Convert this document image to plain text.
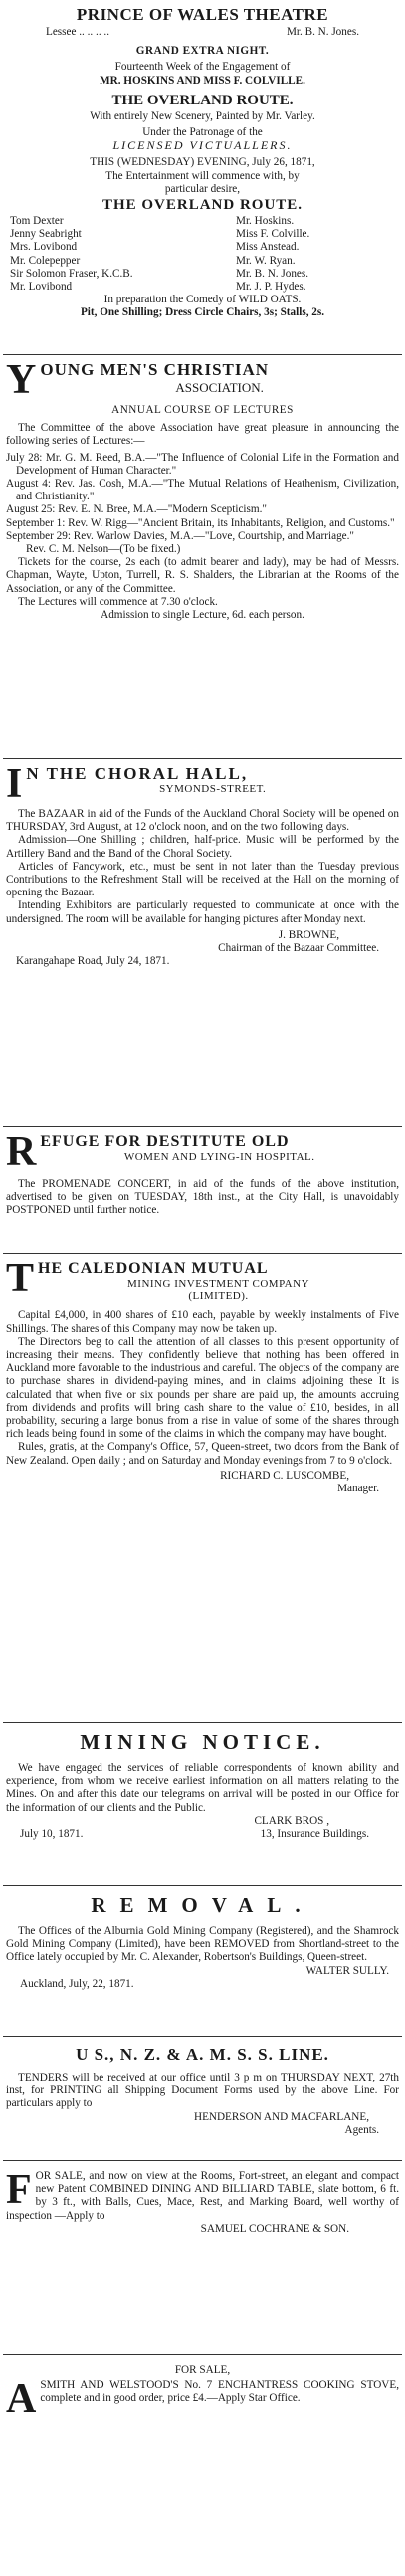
PRINCE OF WALES THEATRE
Lessee .. .. .. ..	Mr. B. N. Jones.
GRAND EXTRA NIGHT.
Fourteenth Week of the Engagement of
MR. HOSKINS AND MISS F. COLVILLE.
THE OVERLAND ROUTE.
With entirely New Scenery, Painted by Mr. Varley.
Under the Patronage of the
LICENSED VICTUALLERS.
THIS (WEDNESDAY) EVENING, July 26, 1871,
The Entertainment will commence with, by
particular desire,
THE OVERLAND ROUTE.
Tom Dexter	Mr. Hoskins.
Jenny Seabright	Miss F. Colville.
Mrs. Lovibond	Miss Anstead.
Mr. Colepepper	Mr. W. Ryan.
Sir Solomon Fraser, K.C.B.	Mr. B. N. Jones.
Mr. Lovibond	Mr. J. P. Hydes.
In preparation the Comedy of WILD OATS.
Pit, One Shilling; Dress Circle Chairs, 3s; Stalls, 2s.
Y OUNG MEN'S CHRISTIAN
ASSOCIATION.
ANNUAL COURSE OF LECTURES
The Committee of the above Association have great pleasure in announcing the following series of Lectures:—
July 28: Mr. G. M. Reed, B.A.—"The Influence of Colonial Life in the Formation and Development of Human Character."
August 4: Rev. Jas. Cosh, M.A.—"The Mutual Relations of Heathenism, Civilization, and Christianity."
August 25: Rev. E. N. Bree, M.A.—"Modern Scepticism."
September 1: Rev. W. Rigg—"Ancient Britain, its Inhabitants, Religion, and Customs."
September 29: Rev. Warlow Davies, M.A.—"Love, Courtship, and Marriage."
Rev. C. M. Nelson—(To be fixed.)
Tickets for the course, 2s each (to admit bearer and lady), may be had of Messrs. Chapman, Wayte, Upton, Turrell, R. S. Shalders, the Librarian at the Rooms of the Association, or any of the Committee.
The Lectures will commence at 7.30 o'clock.
Admission to single Lecture, 6d. each person.
I N THE CHORAL HALL,
SYMONDS-STREET.
The BAZAAR in aid of the Funds of the Auckland Choral Society will be opened on THURSDAY, 3rd August, at 12 o'clock noon, and on the two following days.
Admission—One Shilling ; children, half-price. Music will be performed by the Artillery Band and the Band of the Choral Society.
Articles of Fancywork, etc., must be sent in not later than the Tuesday previous Contributions to the Refreshment Stall will be received at the Hall on the morning of opening the Bazaar.
Intending Exhibitors are particularly requested to communicate at once with the undersigned. The room will be available for hanging pictures after Monday next.
J. BROWNE,
Chairman of the Bazaar Committee.
Karangahape Road, July 24, 1871.
R EFUGE FOR DESTITUTE OLD
WOMEN AND LYING-IN HOSPITAL.
The PROMENADE CONCERT, in aid of the funds of the above institution, advertised to be given on TUESDAY, 18th inst., at the City Hall, is unavoidably POSTPONED until further notice.
T HE CALEDONIAN MUTUAL
MINING INVESTMENT COMPANY
(LIMITED).
Capital £4,000, in 400 shares of £10 each, payable by weekly instalments of Five Shillings. The shares of this Company may now be taken up.
The Directors beg to call the attention of all classes to this present opportunity of increasing their means. They confidently believe that nothing has been offered in Auckland more favorable to the industrious and careful. The objects of the company are to purchase shares in dividend-paying mines, and in claims adjoining these It is calculated that when five or six pounds per share are paid up, the amounts accruing from dividends and profits will bring cash share to the value of £10, besides, in all probability, securing a large bonus from a rise in value of some of the shares through rich leads being found in some of the claims in which the company may have bought.
Rules, gratis, at the Company's Office, 57, Queen-street, two doors from the Bank of New Zealand. Open daily ; and on Saturday and Monday evenings from 7 to 9 o'clock.
RICHARD C. LUSCOMBE,
Manager.
MINING NOTICE.
We have engaged the services of reliable correspondents of known ability and experience, from whom we receive earliest information on all matters relating to the Mines. On and after this date our telegrams on arrival will be posted in our Office for the information of our clients and the Public.
CLARK BROS ,
July 10, 1871.	13, Insurance Buildings.
REMOVAL.
The Offices of the Alburnia Gold Mining Company (Registered), and the Shamrock Gold Mining Company (Limited), have been REMOVED from Shortland-street to the Office lately occupied by Mr. C. Alexander, Robertson's Buildings, Queen-street.
WALTER SULLY.
Auckland, July, 22, 1871.
U S., N. Z. & A. M. S. S. LINE.
TENDERS will be received at our office until 3 p m on THURSDAY NEXT, 27th inst, for PRINTING all Shipping Document Forms used by the above Line. For particulars apply to
HENDERSON AND MACFARLANE,
Agents.
F OR SALE, and now on view at the Rooms, Fort-street, an elegant and compact new Patent COMBINED DINING AND BILLIARD TABLE, slate bottom, 6 ft. by 3 ft., with Balls, Cues, Mace, Rest, and Marking Board, well worthy of inspection —Apply to
SAMUEL COCHRANE & SON.
FOR SALE,
A SMITH AND WELSTOOD'S No. 7 ENCHANTRESS COOKING STOVE, complete and in good order, price £4.—Apply Star Office.
